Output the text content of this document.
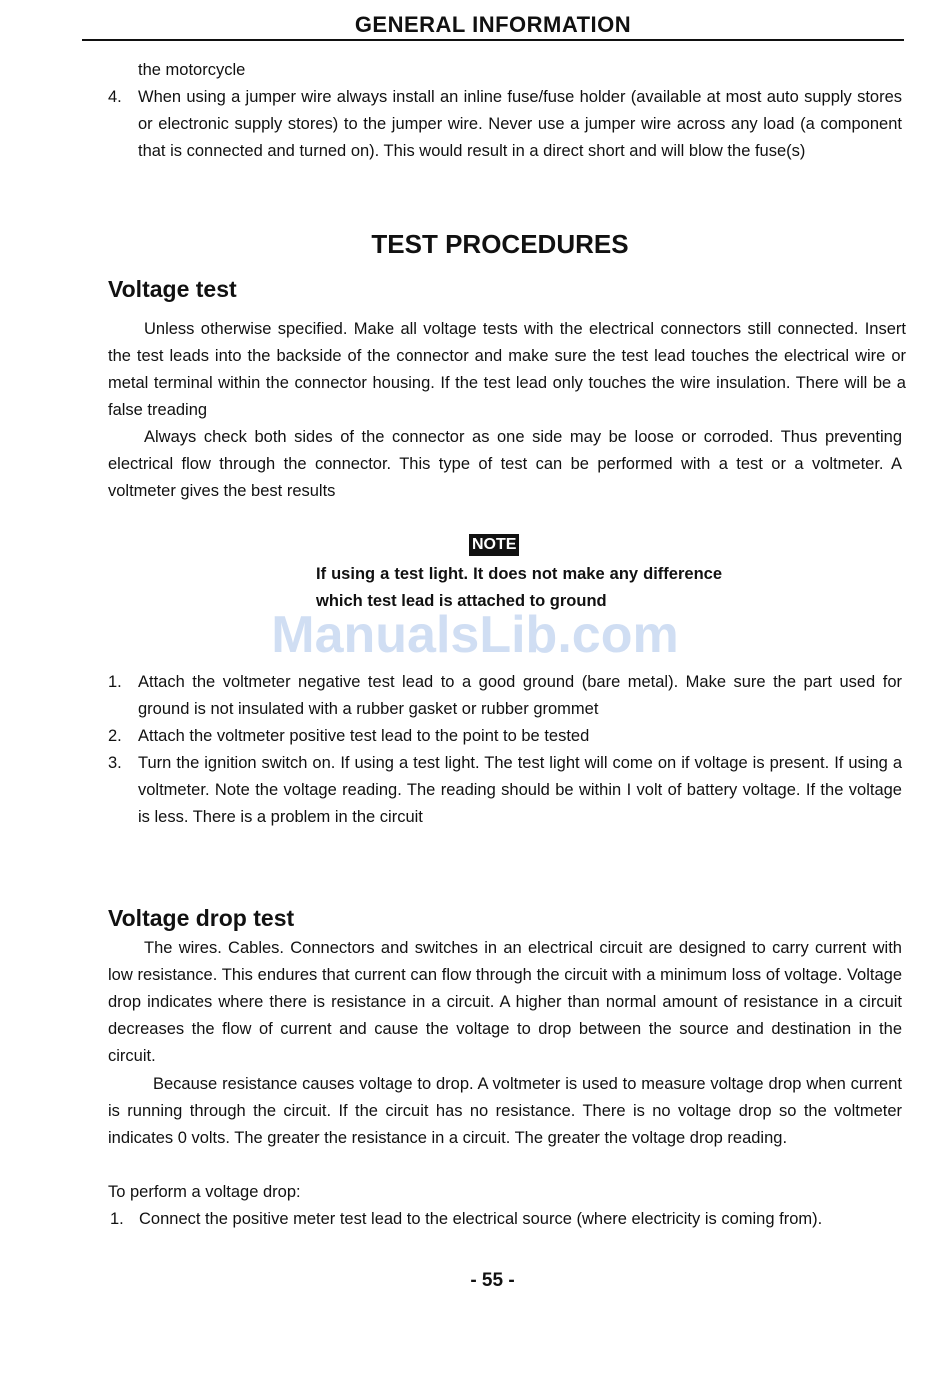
GENERAL INFORMATION
the motorcycle
4. When using a jumper wire always install an inline fuse/fuse holder (available at most auto supply stores or electronic supply stores) to the jumper wire. Never use a jumper wire across any load (a component that is connected and turned on). This would result in a direct short and will blow the fuse(s)
TEST PROCEDURES
Voltage test
Unless otherwise specified. Make all voltage tests with the electrical connectors still connected. Insert the test leads into the backside of the connector and make sure the test lead touches the electrical wire or metal terminal within the connector housing. If the test lead only touches the wire insulation. There will be a false treading
Always check both sides of the connector as one side may be loose or corroded. Thus preventing electrical flow through the connector. This type of test can be performed with a test or a voltmeter. A voltmeter gives the best results
NOTE
If using a test light. It does not make any difference which test lead is attached to ground
ManualsLib.com
1. Attach the voltmeter negative test lead to a good ground (bare metal). Make sure the part used for ground is not insulated with a rubber gasket or rubber grommet
2. Attach the voltmeter positive test lead to the point to be tested
3. Turn the ignition switch on. If using a test light. The test light will come on if voltage is present. If using a voltmeter. Note the voltage reading. The reading should be within I volt of battery voltage. If the voltage is less. There is a problem in the circuit
Voltage drop test
The wires. Cables. Connectors and switches in an electrical circuit are designed to carry current with low resistance. This endures that current can flow through the circuit with a minimum loss of voltage. Voltage drop indicates where there is resistance in a circuit. A higher than normal amount of resistance in a circuit decreases the flow of current and cause the voltage to drop between the source and destination in the circuit.
Because resistance causes voltage to drop. A voltmeter is used to measure voltage drop when current is running through the circuit. If the circuit has no resistance. There is no voltage drop so the voltmeter indicates 0 volts. The greater the resistance in a circuit. The greater the voltage drop reading.
To perform a voltage drop:
1. Connect the positive meter test lead to the electrical source (where electricity is coming from).
- 55 -
